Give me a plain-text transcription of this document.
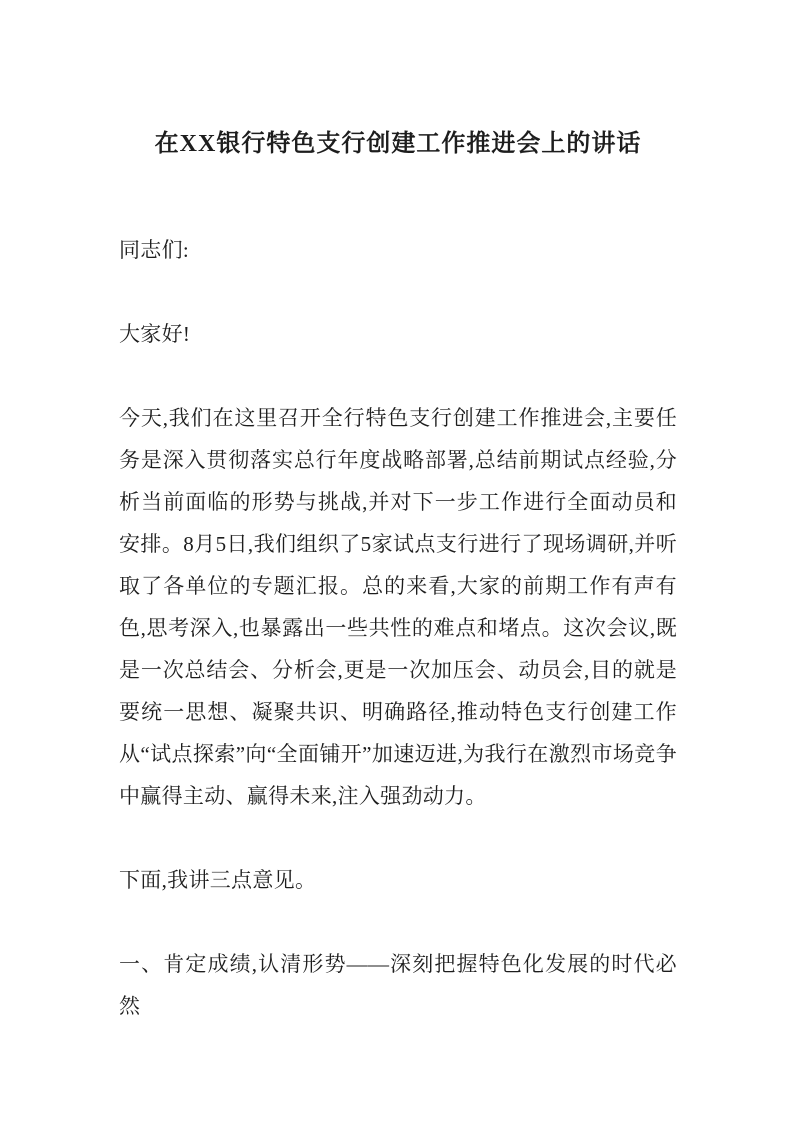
在XX银行特色支行创建工作推进会上的讲话

同志们:

大家好!

今天,我们在这里召开全行特色支行创建工作推进会,主要任务是深入贯彻落实总行年度战略部署,总结前期试点经验,分析当前面临的形势与挑战,并对下一步工作进行全面动员和安排。8月5日,我们组织了5家试点支行进行了现场调研,并听取了各单位的专题汇报。总的来看,大家的前期工作有声有色,思考深入,也暴露出一些共性的难点和堵点。这次会议,既是一次总结会、分析会,更是一次加压会、动员会,目的就是要统一思想、凝聚共识、明确路径,推动特色支行创建工作从“试点探索”向“全面铺开”加速迈进,为我行在激烈市场竞争中赢得主动、赢得未来,注入强劲动力。

下面,我讲三点意见。

一、肯定成绩,认清形势——深刻把握特色化发展的时代必然
